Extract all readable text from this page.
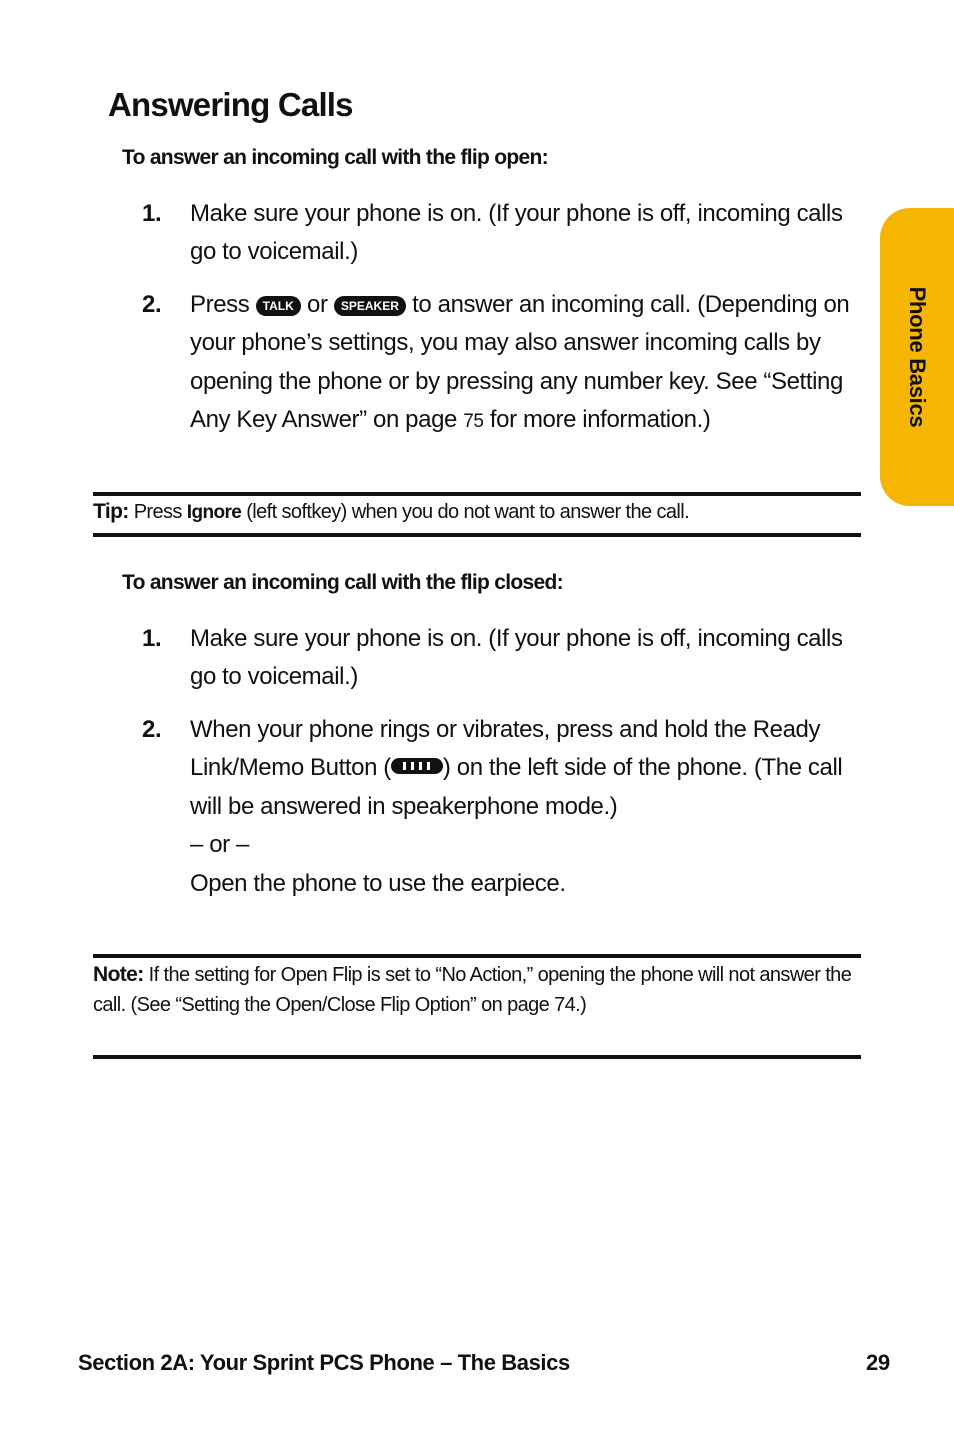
Answering Calls
Phone Basics
To answer an incoming call with the flip open:
1.	Make sure your phone is on. (If your phone is off, incoming calls go to voicemail.)

2.	Press TALK or SPEAKER to answer an incoming call. (Depending on your phone’s settings, you may also answer incoming calls by opening the phone or by pressing any number key. See “Setting Any Key Answer” on page 75 for more information.)

Tip: Press Ignore (left softkey) when you do not want to answer the call.
To answer an incoming call with the flip closed:
1.	Make sure your phone is on. (If your phone is off, incoming calls go to voicemail.)

2.	When your phone rings or vibrates, press and hold the Ready Link/Memo Button ( ) on the left side of the phone. (The call will be answered in speakerphone mode.)

– or –

Open the phone to use the earpiece.

Note: If the setting for Open Flip is set to “No Action,” opening the phone will not answer the call. (See “Setting the Open/Close Flip Option” on page 74.)
Section 2A: Your Sprint PCS Phone – The Basics	29
